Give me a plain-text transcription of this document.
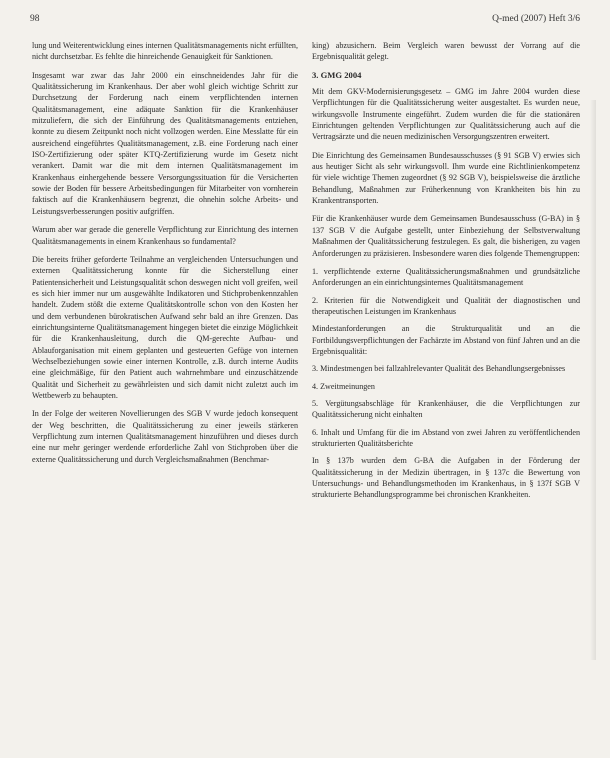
98	Q-med (2007) Heft 3/6

lung und Weiterentwicklung eines internen Qualitätsmanagements nicht erfüllten, nicht durchsetzbar. Es fehlte die hinreichende Genauigkeit für Sanktionen.

Insgesamt war zwar das Jahr 2000 ein einschneidendes Jahr für die Qualitätssicherung im Krankenhaus. Der aber wohl gleich wichtige Schritt zur Durchsetzung der Forderung nach einem verpflichtenden internen Qualitätsmanagement, eine adäquate Sanktion für die Krankenhäuser mitzuliefern, die sich der Einführung des Qualitätsmanagements entziehen, konnte zu diesem Zeitpunkt noch nicht vollzogen werden. Eine Messlatte für ein ausreichend eingeführtes Qualitätsmanagement, z.B. eine Forderung nach einer ISO-Zertifizierung oder später KTQ-Zertifizierung wurde im Gesetz nicht verankert. Damit war die mit dem internen Qualitätsmanagement im Krankenhaus einhergehende bessere Versorgungssituation für die Versicherten sowie der Boden für bessere Arbeitsbedingungen für Mitarbeiter von vornherein faktisch auf die Krankenhäusern begrenzt, die ohnehin solche Arbeits- und Leistungsverbesserungen positiv aufgriffen.

Warum aber war gerade die generelle Verpflichtung zur Einrichtung des internen Qualitätsmanagements in einem Krankenhaus so fundamental?

Die bereits früher geforderte Teilnahme an vergleichenden Untersuchungen und externen Qualitätssicherung konnte für die Sicherstellung einer Patientensicherheit und Leistungsqualität schon deswegen nicht voll greifen, weil es sich hier immer nur um ausgewählte Indikatoren und Stichprobenkennzahlen handelt. Zudem stößt die externe Qualitätskontrolle schon von den Kosten her und dem verbundenen bürokratischen Aufwand sehr bald an ihre Grenzen. Das einrichtungsinterne Qualitätsmanagement hingegen bietet die einzige Möglichkeit für die Krankenhausleitung, durch die QM-gerechte Aufbau- und Ablauforganisation mit einem geplanten und gesteuerten Gefüge von internen Wechselbeziehungen sowie einer internen Kontrolle, z.B. durch interne Audits eine gleichmäßige, für den Patient auch wahrnehmbare und einzuschätzende Qualität und Sicherheit zu gewährleisten und sich damit nicht zuletzt auch im Wettbewerb zu behaupten.

In der Folge der weiteren Novellierungen des SGB V wurde jedoch konsequent der Weg beschritten, die Qualitätssicherung zu einer jeweils stärkeren Verpflichtung zum internen Qualitätsmanagement hinzuführen und dieses durch eine nur mehr geringer werdende erforderliche Zahl von Stichproben über die externe Qualitätssicherung und durch Vergleichsmaßnahmen (Benchmar-

king) abzusichern. Beim Vergleich waren bewusst der Vorrang auf die Ergebnisqualität gelegt.

3. GMG 2004

Mit dem GKV-Modernisierungsgesetz – GMG im Jahre 2004 wurden diese Verpflichtungen für die Qualitätssicherung weiter ausgestaltet. Es wurden neue, wirkungsvolle Instrumente eingeführt. Zudem wurden die für die stationären Einrichtungen geltenden Verpflichtungen zur Qualitätssicherung auch auf die Vertragsärzte und die neuen medizinischen Versorgungszentren erweitert.

Die Einrichtung des Gemeinsamen Bundesausschusses (§ 91 SGB V) erwies sich aus heutiger Sicht als sehr wirkungsvoll. Ihm wurde eine Richtlinienkompetenz für viele wichtige Themen zugeordnet (§ 92 SGB V), beispielsweise die ärztliche Behandlung, Maßnahmen zur Früherkennung von Krankheiten bis hin zu Krankentransporten.

Für die Krankenhäuser wurde dem Gemeinsamen Bundesausschuss (G-BA) in § 137 SGB V die Aufgabe gestellt, unter Einbeziehung der Selbstverwaltung Maßnahmen der Qualitätssicherung festzulegen. Es galt, die bisherigen, zu vagen Anforderungen zu präzisieren. Insbesondere waren dies folgende Themengruppen:

1. verpflichtende externe Qualitätssicherungsmaßnahmen und grundsätzliche Anforderungen an ein einrichtungsinternes Qualitätsmanagement
2. Kriterien für die Notwendigkeit und Qualität der diagnostischen und therapeutischen Leistungen im Krankenhaus
Mindestanforderungen an die Strukturqualität und an die Fortbildungsverpflichtungen der Fachärzte im Abstand von fünf Jahren und an die Ergebnisqualität:
3. Mindestmengen bei fallzahlrelevanter Qualität des Behandlungsergebnisses
4. Zweitmeinungen
5. Vergütungsabschläge für Krankenhäuser, die die Verpflichtungen zur Qualitätssicherung nicht einhalten
6. Inhalt und Umfang für die im Abstand von zwei Jahren zu veröffentlichenden strukturierten Qualitätsberichte

In § 137b wurden dem G-BA die Aufgaben in der Förderung der Qualitätssicherung in der Medizin übertragen, in § 137c die Bewertung von Untersuchungs- und Behandlungsmethoden im Krankenhaus, in § 137f SGB V strukturierte Behandlungsprogramme bei chronischen Krankheiten.
